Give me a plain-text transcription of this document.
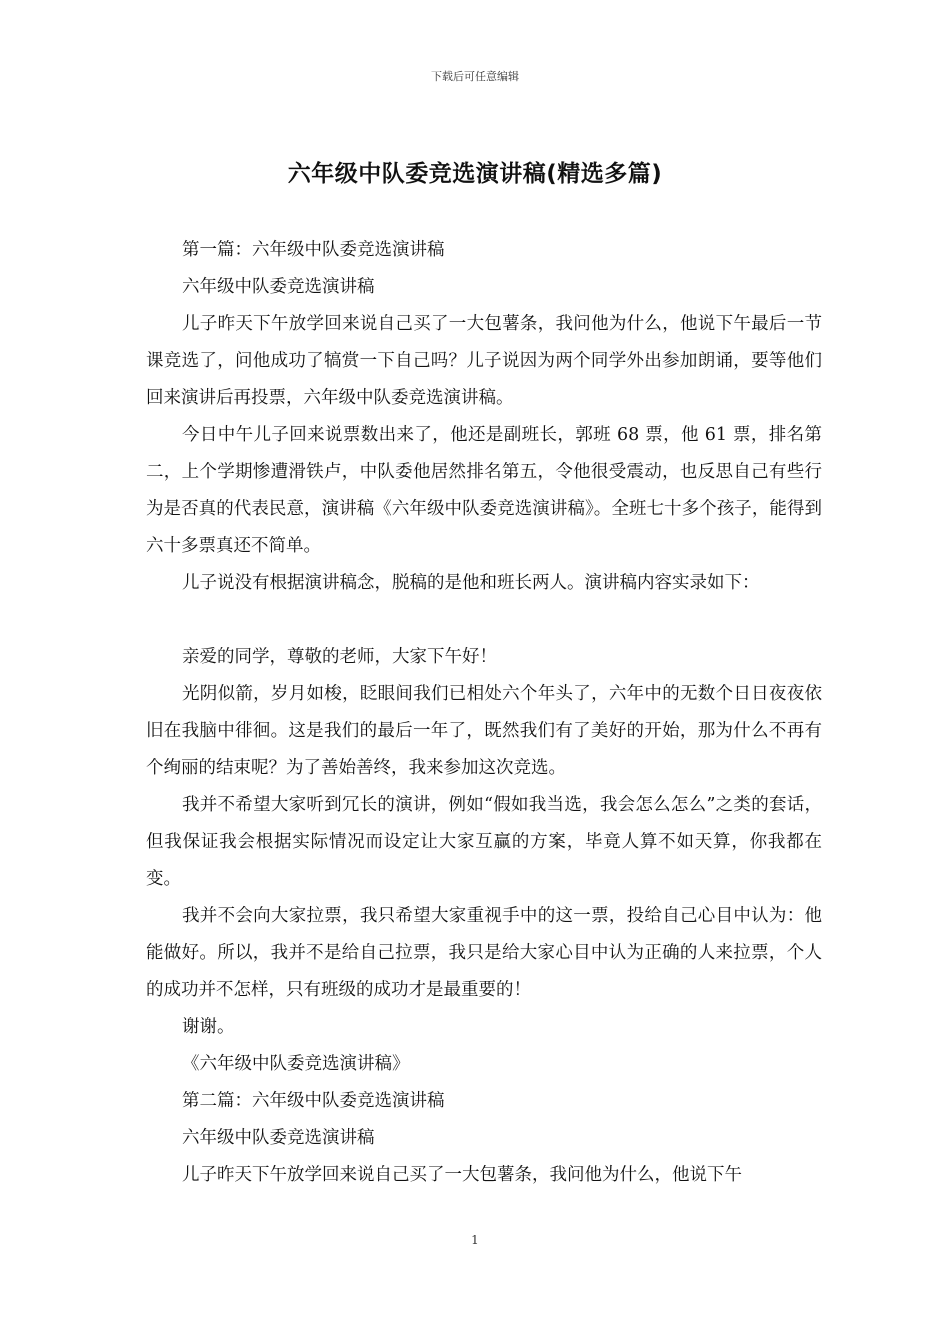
下载后可任意编辑
六年级中队委竞选演讲稿(精选多篇)

第一篇：六年级中队委竞选演讲稿

六年级中队委竞选演讲稿

儿子昨天下午放学回来说自己买了一大包薯条，我问他为什么，他说下午最后一节课竞选了，问他成功了犒赏一下自己吗？儿子说因为两个同学外出参加朗诵，要等他们回来演讲后再投票，六年级中队委竞选演讲稿。

今日中午儿子回来说票数出来了，他还是副班长，郭班 68 票，他 61 票，排名第二，上个学期惨遭滑铁卢，中队委他居然排名第五，令他很受震动，也反思自己有些行为是否真的代表民意，演讲稿《六年级中队委竞选演讲稿》。全班七十多个孩子，能得到六十多票真还不简单。

儿子说没有根据演讲稿念，脱稿的是他和班长两人。演讲稿内容实录如下：

亲爱的同学，尊敬的老师，大家下午好！

光阴似箭，岁月如梭，眨眼间我们已相处六个年头了，六年中的无数个日日夜夜依旧在我脑中徘徊。这是我们的最后一年了，既然我们有了美好的开始，那为什么不再有个绚丽的结束呢？为了善始善终，我来参加这次竞选。

我并不希望大家听到冗长的演讲，例如“假如我当选，我会怎么怎么”之类的套话，但我保证我会根据实际情况而设定让大家互赢的方案，毕竟人算不如天算，你我都在变。

我并不会向大家拉票，我只希望大家重视手中的这一票，投给自己心目中认为：他能做好。所以，我并不是给自己拉票，我只是给大家心目中认为正确的人来拉票，个人的成功并不怎样，只有班级的成功才是最重要的！

谢谢。

《六年级中队委竞选演讲稿》

第二篇：六年级中队委竞选演讲稿

六年级中队委竞选演讲稿

儿子昨天下午放学回来说自己买了一大包薯条，我问他为什么，他说下午

1
